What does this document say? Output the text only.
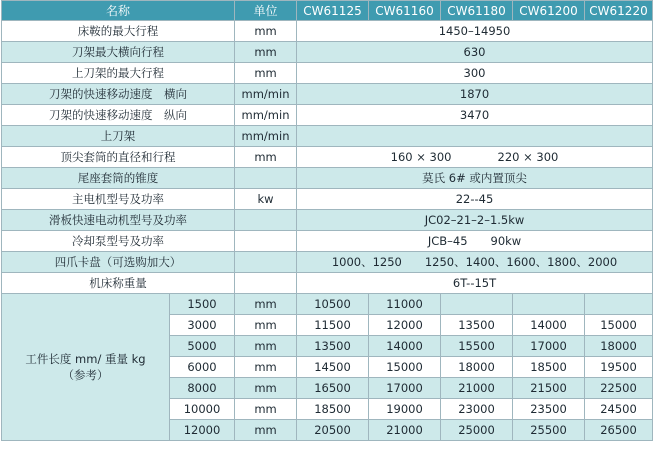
名称		单位	CW61125	CW61160	CW61180	CW61200	CW61220
床鞍的最大行程		mm	1450–14950				
刀架最大横向行程		mm	630				
上刀架的最大行程		mm	300				
刀架的快速移动速度　横向		mm/min	1870				
刀架的快速移动速度　纵向		mm/min	3470				
上刀架		mm/min					
顶尖套筒的直径和行程		mm	160 × 300　　　　220 × 300				
尾座套筒的锥度			莫氏 6# 或内置顶尖				
主电机型号及功率		kw	22--45				
滑板快速电动机型号及功率			JC02–21–2–1.5kw				
冷却泵型号及功率			JCB–45　　90kw				
四爪卡盘（可选购加大）			1000、1250　　1250、1400、1600、1800、2000				
机床称重量			6T--15T				

工件长度 mm/ 重量 kg
（参考）	1500	mm	10500	11000			
	3000	mm	11500	12000	13500	14000	15000
	5000	mm	13500	14000	15500	17000	18000
	6000	mm	14500	15000	18000	18500	19500
	8000	mm	16500	17000	21000	21500	22500
	10000	mm	18500	19000	23000	23500	24500
	12000	mm	20500	21000	25000	25500	26500
